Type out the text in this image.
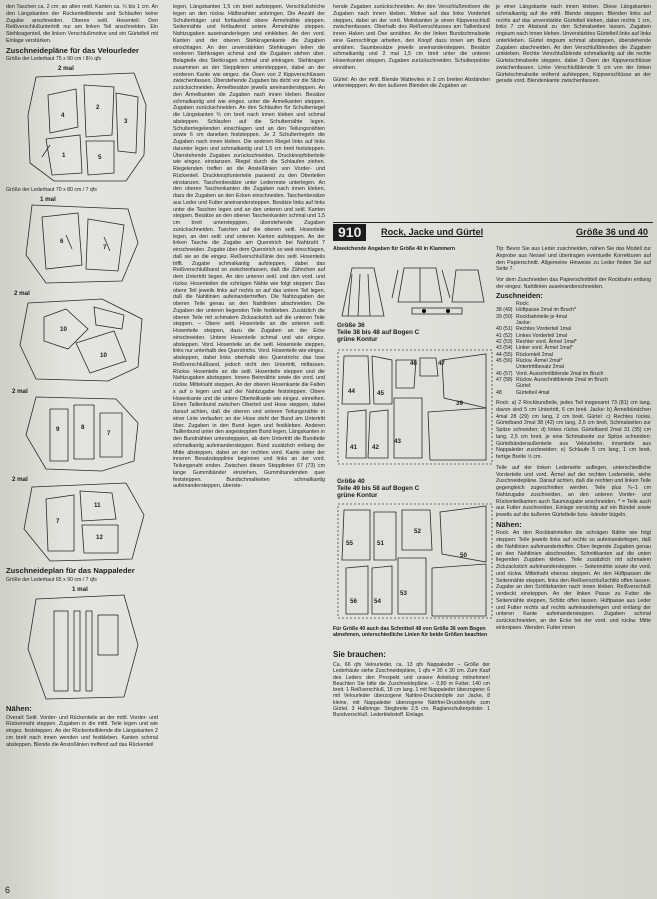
den Taschen ca. 2 cm; an allen restl. Kanten ca. ¼ bis 1 cm. An den Längskanten der Rückenteilblende und Schlaufen keine Zugabe anschneiden. Oberes seitl. Hosenteil: Den Reißverschlußuntertritt nur am linken Teil anschneiden. Ein Stehkragenteil, die linken Verschlußmotive und ein Gürtelteil mit Einlage verstärken.

Zuschneidepläne für das Velourleder
Größe der Lederhaut 75 x 90 cm / 8½ qfs
2 mal
4
2
3
1	5
Größe der Lederhaut 70 x 80 cm / 7 qfs
1 mal
6
7
2 mal
10
10
2 mal
9	8
7
2 mal
7
11
12
Zuschneideplan für das Nappaleder
Größe der Lederhaut 65 x 90 cm / 7 qfs
1 mal
Nähen:

Overall: Seitl. Vorder- und Rückenteile an der mittl. Vorder- und Rückennaht steppen. Zugaben in die mittl. Teile legen und wie eingez. feststeppen. An der Rückenteilblende die Längskanten 2 cm breit nach innen wenden und festkleben. Kanten schmal absteppen. Blende die Anstoßlinien treffend auf das Rückenteil

legen, Längskanten 1,5 cm breit aufsteppen. Verschlußstriche legen an den rückw. Hälfsnahten anbringen. Die Anzahl der Schulterträger und fortlaufend obere Ärmelnähte steppen. Seitennähte und fortlaufend untere Ärmelnähte steppen. Nahtzugaben auseinanderlegen und einkleben. An den vord. Kanten und der oberen Stehkragenkante die Zugaben einschlagen. An den unverstärkten Stehkragen teilen die vorderen Stehkragen schmal und die Zugaben stehen über. Belagteile des Stehkragen schmal und eintragen. Stehkragen zusammen an der Stepplinien unterstepppen, dabei an der vorderen Kante wie eingez. die Ösen von 2 Kippverschlüssen zwischenfassen. Überstehende Zugaben bis dicht vor die Stiche zurückschneiden. Ärmelbesätze jeweils aneinandersteppen. An den Ärmelkanten die Zugaben nach innen kleben. Besätze schmalkantig und wie eingez. unter die Ärmelkanten steppen. Zugaben zurückschneiden. An den Schlaufen für Schulterriegel die Längskanten ¾ cm breit nach innen kleben und schmal absteppen. Schlaufen auf die Schulternähte legen. Schulterriegelenden einschlagen und an den Teilungsnähten sowie 6 cm daneben feststeppen. Je 2 Schulterriegeln die Zugaben nach innen kleben. Die anderen Riegel links auf links darunter legen und schmalkantig und 1,5 cm breit feststeppen. Überstehende Zugaben zurückschneiden. Druckknopfoberteile wie eingez. einstanzen. Riegel durch die Schlaufen ziehen. Riegelenden treffen an die Ansteßlinien von Vorder- und Rückenteil. Druckknopfunterteile passend zu den Oberteilen einstanzen. Taschenbesätze unter Lederreste unterlegen. An den oberen Taschenkanten die Zugaben nach innen kleben, dazu die Zugaben an den Ecken einschneiden. Taschenbesätze aus Leder und Futter aneinandersteppen. Besätze links auf links unter die Taschen legen und an den unteren und seitl. Kanten steppen. Besätze an den oberen Taschenkanten schmal und 1,5 cm breit unterstepppen, überstehende Zugaben zurückschneiden. Taschen auf die oberen seitl. Hosenteile legen, an den seitl. und unteren Kanten aufsteppen. An der linken Tasche die Zugabe am Querstrich bei Nahtzahl 7 einschneiden. Zugabe über dem Querstrich so weit einschlagen, daß sie an die eingez. Reißverschlußlinie des seitl. Hosenteils trifft. Zugabe schmalkantig aufsteppen, dabei das Reißverschlußband so zwischenfassen, daß die Zähnchen auf dem Untertritt liegen. An den unteren seitl. und den vord. und rückw. Hosenteilen die schrägen Nähte wie folgt steppen: Das obere Teil jeweils links auf rechts so auf das untere Teil legen, daß die Nahtlinien aufeinandertreffen. Die Nahtzugaben der oberen Teile genau an den Nahtlinien abschneiden. Die Zugaben der unteren liegenden Teile festkleben. Zusätzlich die oberen Teile mit schmalem Zickzackstich auf die unteren Teile steppen. – Obere seitl. Hosenteile an die unteren seitl. Hosenteile steppen, dazu die Zugaben an der Ecke einschneiden. Untere Hosenteile schmal und wie eingez. absteppen. Vord. Hosenteile an die seitl. Hosenteile steppen, links nur unterhalb des Querstrichs. Vord. Hosenteile wie eingez. absteppen, dabei links oberhalb des Querstrichs das lose Reißverschlußband, jedoch nicht den Untertritt, mitfassen. Rückw. Hosenteile an die seitl. Hosenteile steppen und die Nahtzugaben absteppen. Innere Beinnähte sowie die vord. und rückw. Mittelnaht steppen. An der oberen Hosenkante die Falten x auf o legen und auf der Nahtzugabe feststeppen. Obere Hosenkante und die untere Oberteilkante wie eingez. einreihen. Einen Taillenbund zwischen Oberteil und Hose steppen, dabei darauf achten, daß die oberen und unteren Teilungsnähte in einer Linie verlaufen; an der Hose steht der Bund am Untertritt über. Zugaben in den Bund legen und festkleben. Anderen Taillenbund unter den angesteppten Bund legen, Längskanten in den Bundnähten unterstepppen, ab dem Untertritt die Bundteile schmalkantig aufeinandersteppen. Bund zusätzlich entlang der Mitte absteppen, dabei an der rechten vord. Kante unter der inneren Besatzstepplinie beginnen und links an der vord. Teilungsnaht enden. Zwischen diesen Stepplinien 67 (73) cm lange Gummibänder einziehen, Gummibandenden quer feststeppen. Bundschmalkeiten schmalkantig aufeinandersteppen, überste-

hende Zugaben zurückschneiden. An den Verschlußmotiven die Zugaben nach innen kleben. Motive auf das linke Vorderteil steppen, dabei an der vord. Motivkanten je einen Kippverschluß zwischenfassen. Oberhalb des Reißverschlusses am Taillenbund innen Haken und Öse annähen. An der linken Bundschmalseite eine Garnschlinge arbeiten, den Knopf dazu innen am Bund annähen. Saumbesätze jeweils aneinandersteppen. Besätze schmalkantig und 2 mal 1,5 cm breit unter die unteren Hosenkanten steppen, Zugaben zurückschneiden. Schulterpolster einnähen.

Gürtel: An der mittl. Blende Watteviles in 2 cm breiten Abständen unterstepppen. An den äußeren Blenden die Zugaben an

je einer Längskante nach innen kleben. Diese Längskanten schmalkantig auf die mittl. Blende steppen. Blenden links auf rechts auf das unverstärkte Gürtelteil kleben, dabei rechts 1 cm, links 7 cm Abstand zu den Schmalseiten lassen. Zugaben ringsum nach innen kleben. Unverstärktes Gürtelteil links auf links unterkleben. Gürtel ringsum schmal absteppen, überstehende Zugaben abschneiden. An den Verschlußblenden die Zugaben umkleben. Rechte Verschlußblende schmalkantig auf die rechte Gürtelschmalseite steppen, dabei 3 Ösen der Kippverschlüsse zwischenfassen. Linke Verschlußblende 5 cm von der linken Gürtelschmalseite entfernt aufsteppen, Kippverschlüsse an der gerade vord. Blendenkante zwischenfassen.

910	Rock, Jacke und Gürtel	Größe 36 und 40
Abweichende Angaben für Größe 40 in Klammern
Größe 36
Teile 38 bis 48 auf Bogen C
grüne Kontur
44	45
41 42
43
39
47
46
Größe 40
Teile 49 bis 58 auf Bogen C
grüne Kontur
55	51
52
50
56	54
53
Für Größe 40 auch das Schnitteil 48 von Größe 36 vom Bogen abnehmen, unterschiedliche Linien für beide Größen beachten
Sie brauchen:
Ca. 66 qfs Velourleder, ca. 13 qfs Nappaleder – Größe der Lederhäute siehe Zuschneidepläne, 1 qfs = 30 x 30 cm. Zum Kauf des Leders den Prospekt und unsere Anleitung mitnehmen! Beachten Sie bitte die Zuschneidepläne. – 0,80 m Futter, 140 cm breit. 1 Reißverschluß, 18 cm lang. 1 mit Nappaleder überzogene; 6 mit Velourleder überzogene Nahtrei-Druckknöpfe zur Jacke, 8 kleine, mit Nappaleder überzogene Nähfrei-Druckknöpfe zum Gürtel. 3 Halbringe. Stegbreite 2,5 cm. Raglanschulterpolster. 1 Bundverschluß. Lederklebstoff. Einlage.

Tip: Bevor Sie aus Leder zuschneiden, nähen Sie das Modell zur Anprobe aus Nessel und übertragen eventuelle Korrekturen auf den Papierschnitt. Allgemeine Hinweise zu Leder finden Sie auf Seite 7.

Vor dem Zuschneiden das Papierschnittteil der Rockbahn entlang der eingez. Nahtlinien auseinanderschneiden.

Zuschneiden:
Rock:
38 (49) Hüftpasse 2mal im Bruch*
39 (50) Rockbahnteile je 4mal
Jacke:
40 (51) Rechtes Vorderteil 1mal
41 (52) Linkes Vorderteil 1mal
42 (53) Rechter vord. Ärmel 1mal*
43 (54) Linker vord. Ärmel 1mal*
44 (55) Rückenteil 2mal
45 (56) Rückw. Ärmel 2mal*
Untertrittbesatz 2mal
46 (57) Vord. Ausschnittblende 2mal im Bruch
47 (58) Rückw. Ausschnittblende 2mal im Bruch
Gürtel:
48	Gürtelteil 4mal

Rock: a) 2 Rockbundteile, jedes Teil insgesamt 73 (81) cm lang, davon sind 5 cm Untertritt, 6 cm breit. Jacke: b) Ärmelbündchen 4mal 28 (29) cm lang, 2 cm breit. Gürtel: c) Rechtes rückw. Gürtelband 2mal 38 (42) cm lang, 2,5 cm breit, Schmalseiten zur Spitze schneiden; d) linkes rückw. Gürtelband 2mal 31 (35) cm lang, 2,5 cm breit, je eine Schmalseite zur Spitze schneiden; Gürtelbänderaußenteile aus Velourleder, innenteile aus Nappaleder zuschneiden; e) Schlaufe 5 cm lang, 1 cm breit, fertige Breite ½ cm.

Teile auf der linken Lederseite auflegen, unterschiedliche Vorderteile und vord. Ärmel auf der rechten Lederseite, siehe Zuschneidepläne. Darauf achten, daß die rechten und linken Teile gegengleich zugeschnitten werden. Teile plus ¾–1 cm Nahtzugabe zuschneiden, an den unteren Vorder- und Rückenteilkanten auch Saumzugabe anschneiden. * = Teile auch aus Futter zuschneiden. Einlage vorsichtig auf ein Bündel sowie jeweils auf die äußeren Gürtelteile bzw. -bänder bügeln.

Nähen:

Rock: An den Rockbahnteilen die schrägen Nähte wie folgt steppen: Teile jeweils links auf rechts so aufeinanderlegen, daß die Nahtlinien aufeinandertreffen. Oben liegende Zugaben genau an den Nahtlinien abschneiden. Schnittkanten auf die unten liegenden Zugaben kleben. Teile zusätzlich mit schmalem Zickzackstich aufeinandersteppen. – Seitennähte sowie die vord. und rückw. Mittelnaht ebenso steppen. An den Hüftpassen die Seitennähte steppen, links den Reißverschlußschlitz offen lassen. Zugabe an den Schlitzkanten nach innen kleben. Reißverschluß verdeckt einsteppen. An der linken Passe zu Futter die Seitennähte steppen, Schlitz offen lassen. Hüftpasse aus Leder und Futter rechts auf rechts aufeinanderlegen und entlang der unteren Kante aufeinandersteppen. Zugaben schmal zurückschneiden, an der Ecke bei der vord. und rückw. Mitte einknipsen. Wenden. Futter innen

6
